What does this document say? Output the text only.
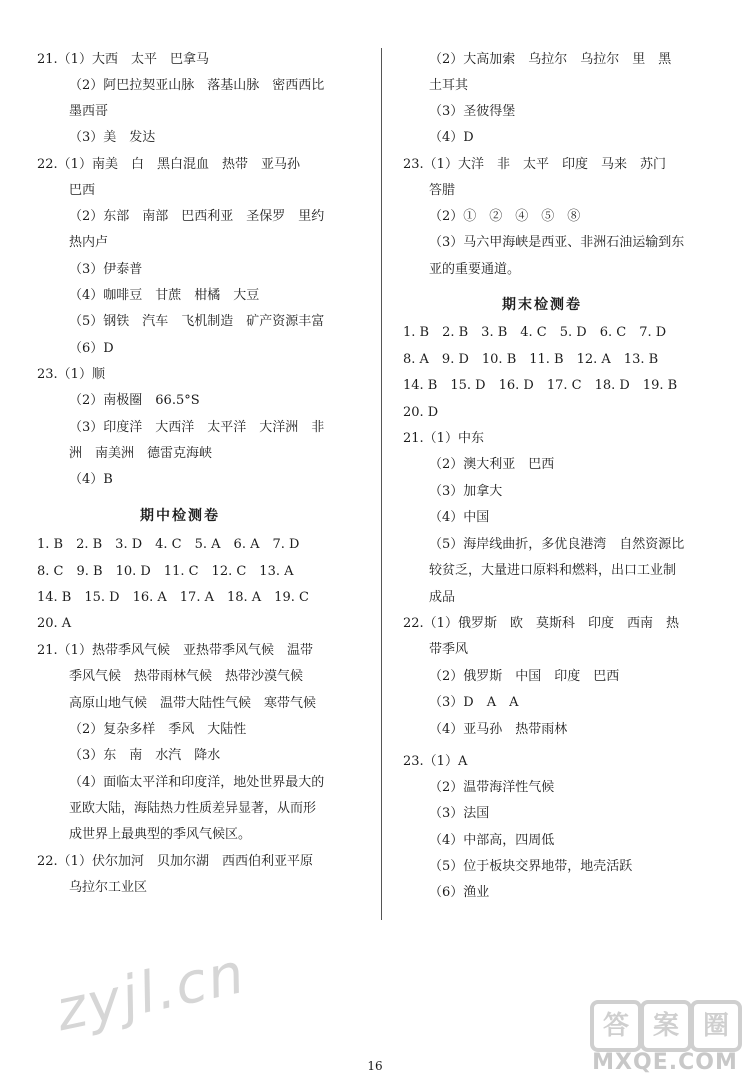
21.（1）大西　太平　巴拿马
（2）阿巴拉契亚山脉　落基山脉　密西西比
墨西哥
（3）美　发达
22.（1）南美　白　黑白混血　热带　亚马孙
巴西
（2）东部　南部　巴西利亚　圣保罗　里约
热内卢
（3）伊泰普
（4）咖啡豆　甘蔗　柑橘　大豆
（5）钢铁　汽车　飞机制造　矿产资源丰富
（6）D
23.（1）顺
（2）南极圈　66.5°S
（3）印度洋　大西洋　太平洋　大洋洲　非
洲　南美洲　德雷克海峡
（4）B
期中检测卷
1. B　2. B　3. D　4. C　5. A　6. A　7. D
8. C　9. B　10. D　11. C　12. C　13. A
14. B　15. D　16. A　17. A　18. A　19. C
20. A
21.（1）热带季风气候　亚热带季风气候　温带
季风气候　热带雨林气候　热带沙漠气候
高原山地气候　温带大陆性气候　寒带气候
（2）复杂多样　季风　大陆性
（3）东　南　水汽　降水
（4）面临太平洋和印度洋，地处世界最大的
亚欧大陆，海陆热力性质差异显著，从而形
成世界上最典型的季风气候区。
22.（1）伏尔加河　贝加尔湖　西西伯利亚平原
乌拉尔工业区
（2）大高加索　乌拉尔　乌拉尔　里　黑
土耳其
（3）圣彼得堡
（4）D
23.（1）大洋　非　太平　印度　马来　苏门
答腊
（2）①　②　④　⑤　⑧
（3）马六甲海峡是西亚、非洲石油运输到东
亚的重要通道。
期末检测卷
1. B　2. B　3. B　4. C　5. D　6. C　7. D
8. A　9. D　10. B　11. B　12. A　13. B
14. B　15. D　16. D　17. C　18. D　19. B
20. D
21.（1）中东
（2）澳大利亚　巴西
（3）加拿大
（4）中国
（5）海岸线曲折，多优良港湾　自然资源比
较贫乏，大量进口原料和燃料，出口工业制
成品
22.（1）俄罗斯　欧　莫斯科　印度　西南　热
带季风
（2）俄罗斯　中国　印度　巴西
（3）D　A　A
（4）亚马孙　热带雨林
23.（1）A
（2）温带海洋性气候
（3）法国
（4）中部高，四周低
（5）位于板块交界地带，地壳活跃
（6）渔业
zyjl.cn	答 案 圈
MXQE.COM
16
